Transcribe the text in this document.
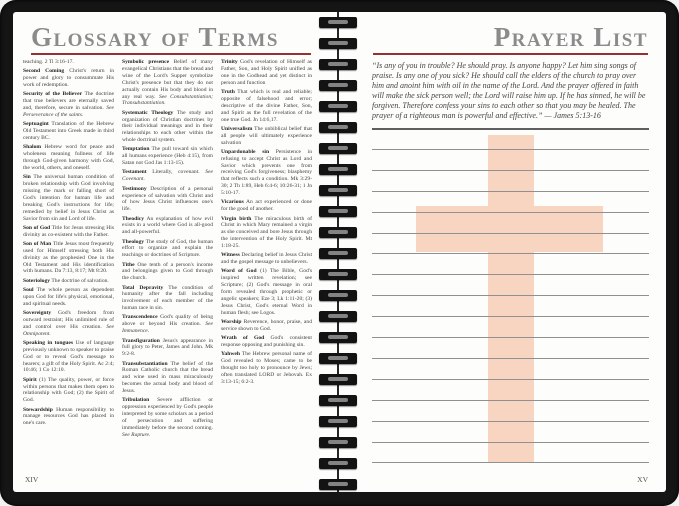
Glossary of Terms

teaching. 2 Ti 3:16-17.

Second Coming Christ's return in power and glory to consummate His work of redemption.

Security of the Believer The doctrine that true believers are eternally saved and, therefore, secure in salvation. See Perseverance of the saints.

Septuagint Translation of the Hebrew Old Testament into Greek made in third century BC.

Shalom Hebrew word for peace and wholeness meaning fullness of life through God-given harmony with God, the world, others, and oneself.

Sin The universal human condition of broken relationship with God involving missing the mark or falling short of God's intention for human life and breaking God's instructions for life; remedied by belief in Jesus Christ as Savior from sin and Lord of life.

Son of God Title for Jesus stressing His divinity as co-existent with the Father.

Son of Man Title Jesus most frequently used for Himself stressing both His divinity as the prophesied One in the Old Testament and His identification with humans. Da 7:13, 8:17; Mt 8:20.

Soteriology The doctrine of salvation.

Soul The whole person as dependent upon God for life's physical, emotional, and spiritual needs.

Sovereignty God's freedom from outward restraint; His unlimited rule of and control over His creation. See Omnipotent.

Speaking in tongues Use of language previously unknown to speaker to praise God or to reveal God's message to hearers; a gift of the Holy Spirit. Ac 2:4; 10:46; 1 Co 12:10.

Spirit (1) The quality, power, or force within persons that makes them open to relationship with God; (2) the Spirit of God.

Stewardship Human responsibility to manage resources God has placed in one's care.

Symbolic presence Belief of many evangelical Christians that the bread and wine of the Lord's Supper symbolize Christ's presence but that they do not actually contain His body and blood in any real way. See Consubstantiation; Transubstantiation.

Systematic Theology The study and organization of Christian doctrines by their individual meanings and in their relationships to each other within the whole doctrinal system.

Temptation The pull toward sin which all humans experience (Heb 4:15), from Satan not God Jas 1:13-15).

Testament Literally, covenant. See Covenant.

Testimony Description of a personal experience of salvation with Christ and of how Jesus Christ influences one's life.

Theodicy An explanation of how evil exists in a world where God is all-good and all-powerful.

Theology The study of God, the human effort to organize and explain the teachings or doctrines of Scripture.

Tithe One tenth of a person's income and belongings given to God through the church.

Total Depravity The condition of humanity after the fall including involvement of each member of the human race in sin.

Transcendence God's quality of being above or beyond His creation. See Immanence.

Transfiguration Jesus's appearance in full glory to Peter, James and John. Mk 9:2-8.

Transubstantiation The belief of the Roman Catholic church that the bread and wine used in mass miraculously becomes the actual body and blood of Jesus.

Tribulation Severe affliction or oppression experienced by God's people interpreted by some scholars as a period of persecution and suffering immediately before the second coming. See Rapture.

Trinity God's revelation of Himself as Father, Son, and Holy Spirit unified as one in the Godhead and yet distinct in person and function

Truth That which is real and reliable; opposite of falsehood and error; descriptive of the divine Father, Son, and Spirit as the full revelation of the one true God. Jn 14:6,17.

Universalism The unbiblical belief that all people will ultimately experience salvation

Unpardonable sin Persistence in refusing to accept Christ as Lord and Savior which prevents one from receiving God's forgiveness; blasphemy that reflects such a condition. Mk 3:29-30; 2 Th 1:89, Heb 6:4-6; 10:26-31; 1 Jn 5:10-17.

Vicarious An act experienced or done for the good of another.

Virgin birth The miraculous birth of Christ in which Mary remained a virgin as she conceived and bore Jesus through the intervention of the Holy Spirit. Mt 1:18-25.

Witness Declaring belief in Jesus Christ and the gospel message to unbelievers.

Word of God (1) The Bible, God's inspired written revelation; see Scripture; (2) God's message in oral form revealed through prophetic or angelic speakers; Eze 3; Lk 1:11-20; (3) Jesus Christ, God's eternal Word in human flesh; see Logos.

Worship Reverence, honor, praise, and service shown to God.

Wrath of God God's consistent response opposing and punishing sin.

Yahweh The Hebrew personal name of God revealed to Moses; came to be thought too holy to pronounce by Jews; often translated LORD or Jehovah. Ex 3:13-15; 6:2-3.

XIV
Prayer List
“Is any of you in trouble? He should pray. Is anyone happy? Let him sing songs of praise. Is any one of you sick? He should call the elders of the church to pray over him and anoint him with oil in the name of the Lord. And the prayer offered in faith will make the sick person well; the Lord will raise him up. If he has sinned, he will be forgiven. Therefore confess your sins to each other so that you may be healed. The prayer of a righteous man is powerful and effective.” — James 5:13-16
XV
